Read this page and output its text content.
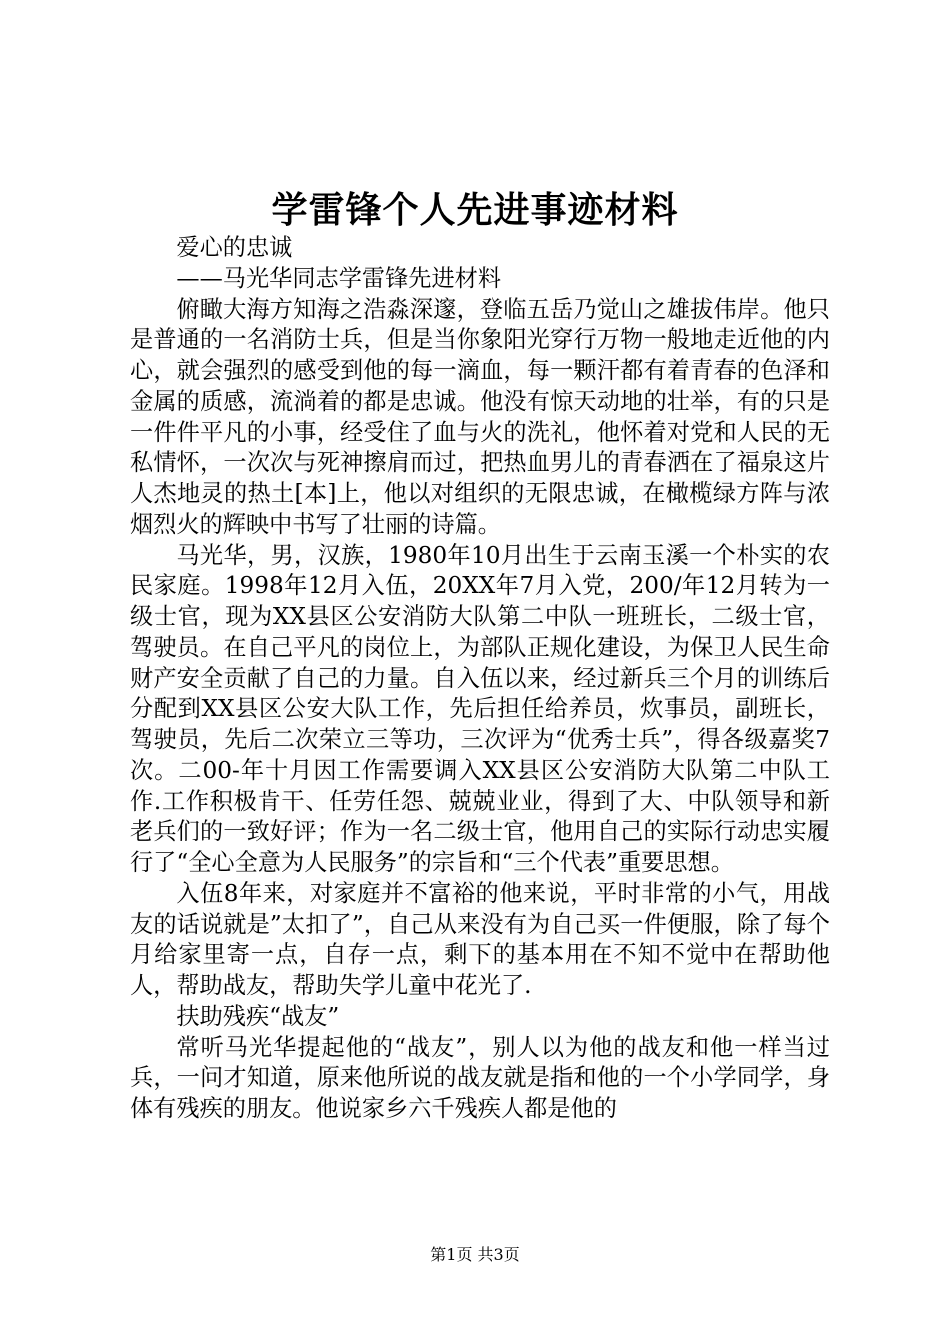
学雷锋个人先进事迹材料

爱心的忠诚

——马光华同志学雷锋先进材料

俯瞰大海方知海之浩淼深邃，登临五岳乃觉山之雄拔伟岸。他只是普通的一名消防士兵，但是当你象阳光穿行万物一般地走近他的内心，就会强烈的感受到他的每一滴血，每一颗汗都有着青春的色泽和金属的质感，流淌着的都是忠诚。他没有惊天动地的壮举，有的只是一件件平凡的小事，经受住了血与火的洗礼，他怀着对党和人民的无私情怀，一次次与死神擦肩而过，把热血男儿的青春洒在了福泉这片人杰地灵的热土[本]上，他以对组织的无限忠诚，在橄榄绿方阵与浓烟烈火的辉映中书写了壮丽的诗篇。

马光华，男，汉族，1980年10月出生于云南玉溪一个朴实的农民家庭。1998年12月入伍，20XX年7月入党，200/年12月转为一级士官，现为XX县区公安消防大队第二中队一班班长，二级士官，驾驶员。在自己平凡的岗位上，为部队正规化建设，为保卫人民生命财产安全贡献了自己的力量。自入伍以来，经过新兵三个月的训练后分配到XX县区公安大队工作，先后担任给养员，炊事员，副班长，驾驶员，先后二次荣立三等功，三次评为“优秀士兵”，得各级嘉奖7次。二00-年十月因工作需要调入XX县区公安消防大队第二中队工作.工作积极肯干、任劳任怨、兢兢业业，得到了大、中队领导和新老兵们的一致好评；作为一名二级士官，他用自己的实际行动忠实履行了“全心全意为人民服务”的宗旨和“三个代表”重要思想。

入伍8年来，对家庭并不富裕的他来说，平时非常的小气，用战友的话说就是”太扣了”，自己从来没有为自己买一件便服，除了每个月给家里寄一点，自存一点，剩下的基本用在不知不觉中在帮助他人，帮助战友，帮助失学儿童中花光了.

扶助残疾“战友”

常听马光华提起他的“战友”，别人以为他的战友和他一样当过兵，一问才知道，原来他所说的战友就是指和他的一个小学同学，身体有残疾的朋友。他说家乡六千残疾人都是他的

第1页 共3页
